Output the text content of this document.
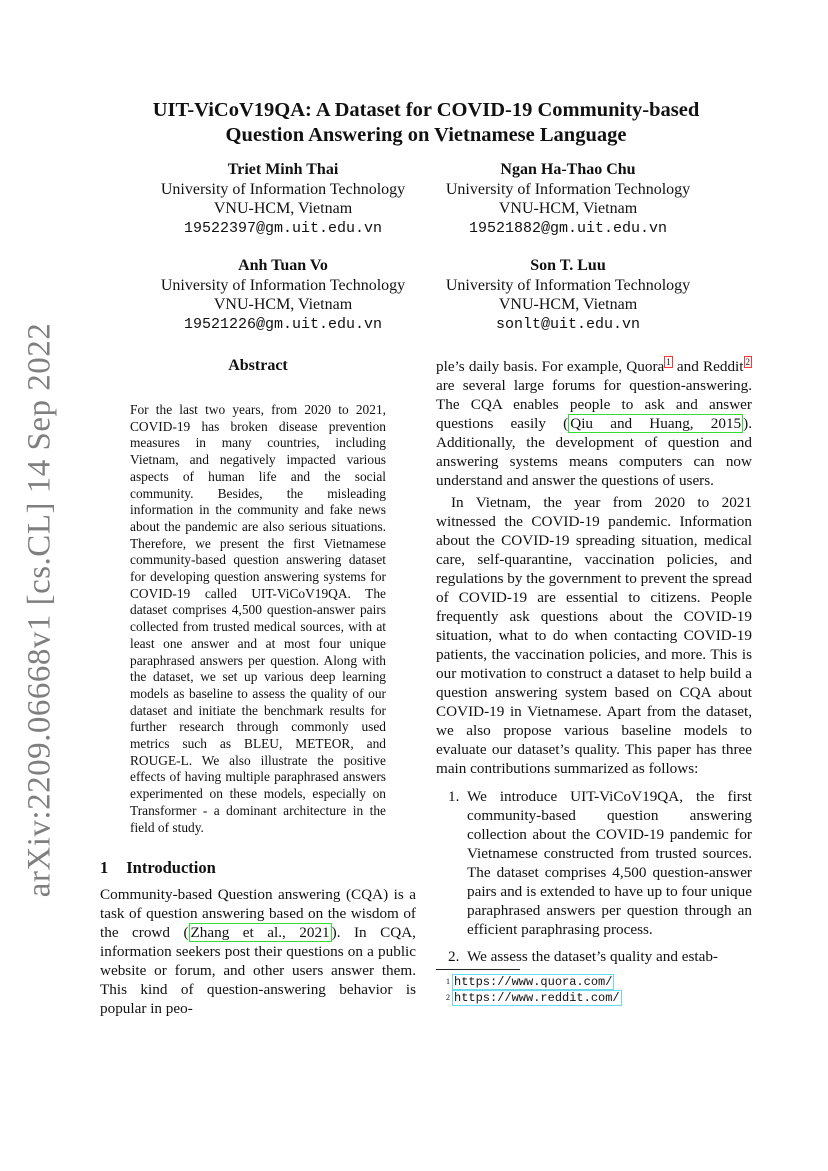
arXiv:2209.06668v1 [cs.CL] 14 Sep 2022
UIT-ViCoV19QA: A Dataset for COVID-19 Community-based
Question Answering on Vietnamese Language
Triet Minh Thai
University of Information Technology
VNU-HCM, Vietnam
19522397@gm.uit.edu.vn
Ngan Ha-Thao Chu
University of Information Technology
VNU-HCM, Vietnam
19521882@gm.uit.edu.vn
Anh Tuan Vo
University of Information Technology
VNU-HCM, Vietnam
19521226@gm.uit.edu.vn
Son T. Luu
University of Information Technology
VNU-HCM, Vietnam
sonlt@uit.edu.vn
Abstract
For the last two years, from 2020 to 2021, COVID-19 has broken disease prevention measures in many countries, including Vietnam, and negatively impacted various aspects of human life and the social community. Besides, the misleading information in the community and fake news about the pandemic are also serious situations. Therefore, we present the first Vietnamese community-based question answering dataset for developing question answering systems for COVID-19 called UIT-ViCoV19QA. The dataset comprises 4,500 question-answer pairs collected from trusted medical sources, with at least one answer and at most four unique paraphrased answers per question. Along with the dataset, we set up various deep learning models as baseline to assess the quality of our dataset and initiate the benchmark results for further research through commonly used metrics such as BLEU, METEOR, and ROUGE-L. We also illustrate the positive effects of having multiple paraphrased answers experimented on these models, especially on Transformer - a dominant architecture in the field of study.
1 Introduction
Community-based Question answering (CQA) is a task of question answering based on the wisdom of the crowd ( Zhang et al., 2021 ). In CQA, information seekers post their questions on a public website or forum, and other users answer them. This kind of question-answering behavior is popular in peo-

ple’s daily basis. For example, Quora $^1$ and Reddit $^2$ are several large forums for question-answering. The CQA enables people to ask and answer questions easily ( Qiu and Huang, 2015 ). Additionally, the development of question and answering systems means computers can now understand and answer the questions of users.

In Vietnam, the year from 2020 to 2021 witnessed the COVID-19 pandemic. Information about the COVID-19 spreading situation, medical care, self-quarantine, vaccination policies, and regulations by the government to prevent the spread of COVID-19 are essential to citizens. People frequently ask questions about the COVID-19 situation, what to do when contacting COVID-19 patients, the vaccination policies, and more. This is our motivation to construct a dataset to help build a question answering system based on CQA about COVID-19 in Vietnamese. Apart from the dataset, we also propose various baseline models to evaluate our dataset’s quality. This paper has three main contributions summarized as follows:

1. We introduce UIT-ViCoV19QA, the first community-based question answering collection about the COVID-19 pandemic for Vietnamese constructed from trusted sources. The dataset comprises 4,500 question-answer pairs and is extended to have up to four unique paraphrased answers per question through an efficient paraphrasing process.
2. We assess the dataset’s quality and estab-
1 https://www.quora.com/
2 https://www.reddit.com/
